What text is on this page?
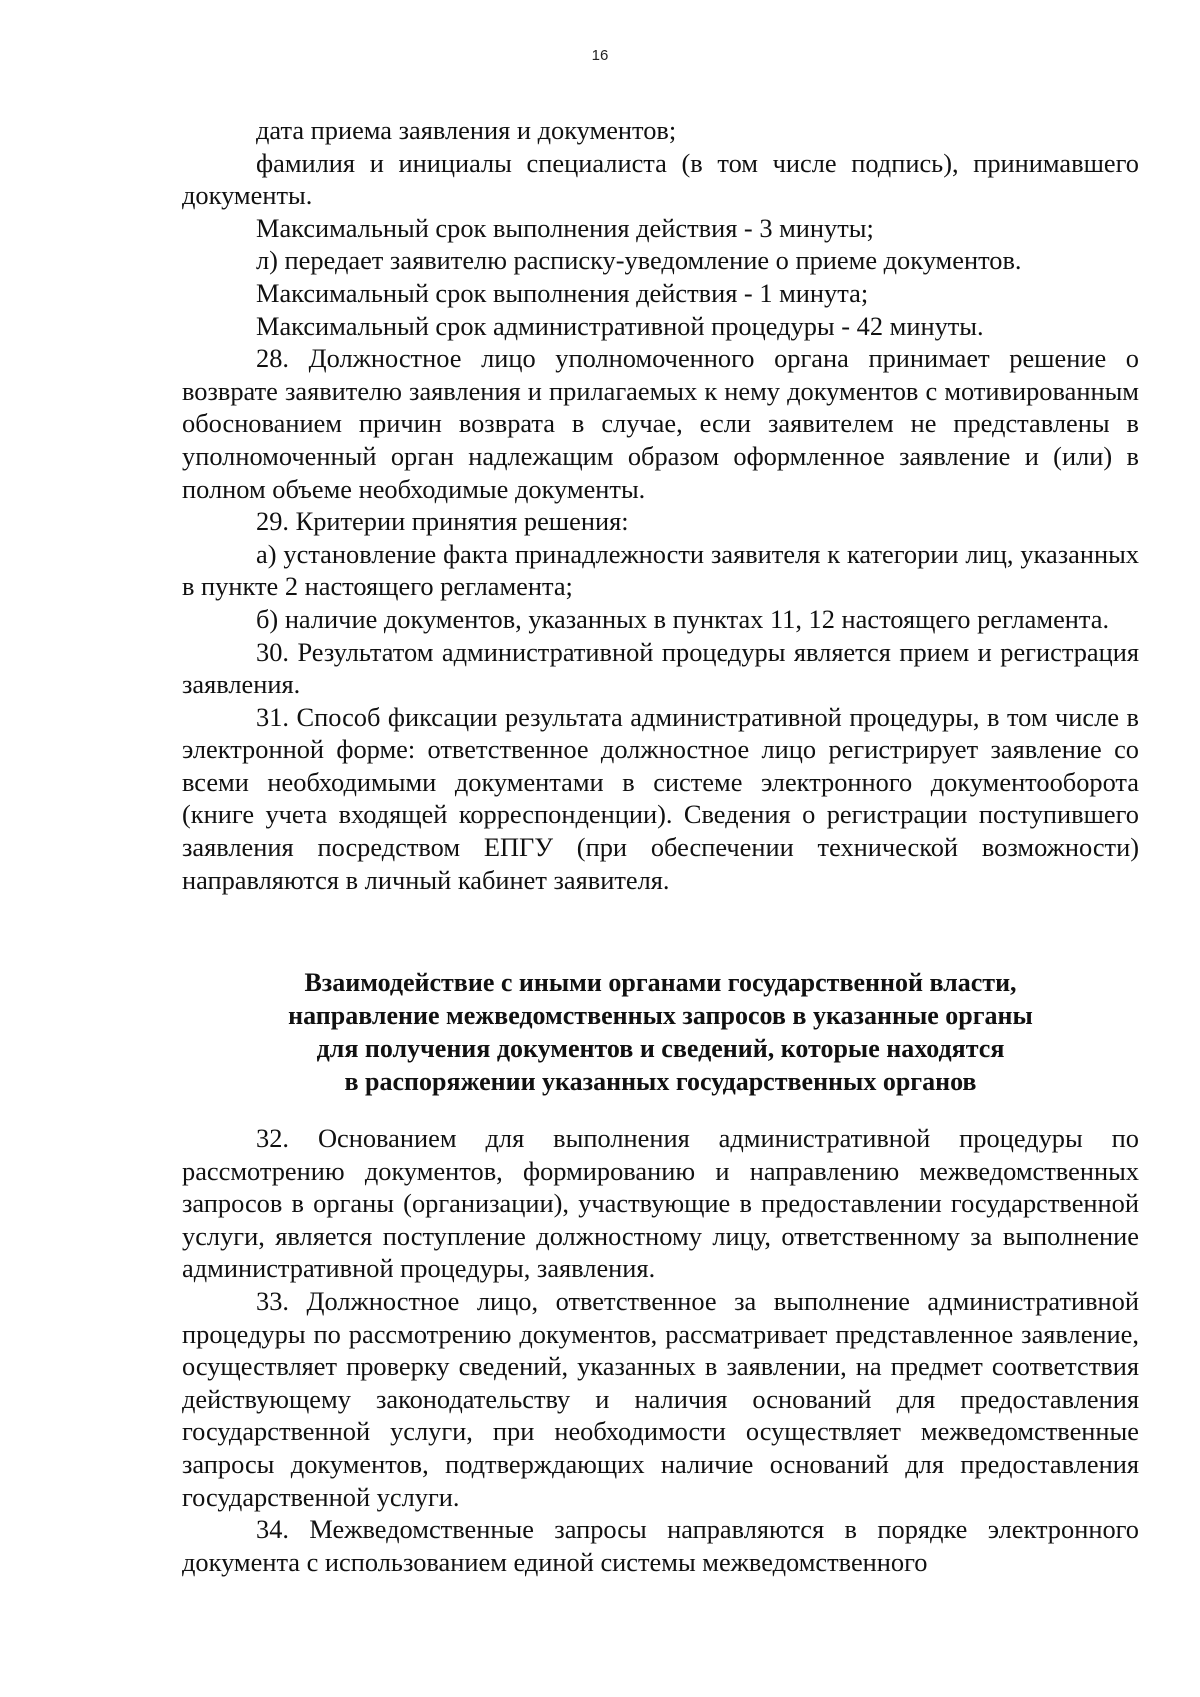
16

дата приема заявления и документов;

фамилия и инициалы специалиста (в том числе подпись), принимавшего документы.

Максимальный срок выполнения действия - 3 минуты;

л) передает заявителю расписку-уведомление о приеме документов.

Максимальный срок выполнения действия - 1 минута;

Максимальный срок административной процедуры - 42 минуты.

28. Должностное лицо уполномоченного органа принимает решение о возврате заявителю заявления и прилагаемых к нему документов с мотивированным обоснованием причин возврата в случае, если заявителем не представлены в уполномоченный орган надлежащим образом оформленное заявление и (или) в полном объеме необходимые документы.

29. Критерии принятия решения:

а) установление факта принадлежности заявителя к категории лиц, указанных в пункте 2 настоящего регламента;

б) наличие документов, указанных в пунктах 11, 12 настоящего регламента.

30. Результатом административной процедуры является прием и регистрация заявления.

31. Способ фиксации результата административной процедуры, в том числе в электронной форме: ответственное должностное лицо регистрирует заявление со всеми необходимыми документами в системе электронного документооборота (книге учета входящей корреспонденции). Сведения о регистрации поступившего заявления посредством ЕПГУ (при обеспечении технической возможности) направляются в личный кабинет заявителя.

Взаимодействие с иными органами государственной власти,
направление межведомственных запросов в указанные органы
для получения документов и сведений, которые находятся
в распоряжении указанных государственных органов

32. Основанием для выполнения административной процедуры по рассмотрению документов, формированию и направлению межведомственных запросов в органы (организации), участвующие в предоставлении государственной услуги, является поступление должностному лицу, ответственному за выполнение административной процедуры, заявления.

33. Должностное лицо, ответственное за выполнение административной процедуры по рассмотрению документов, рассматривает представленное заявление, осуществляет проверку сведений, указанных в заявлении, на предмет соответствия действующему законодательству и наличия оснований для предоставления государственной услуги, при необходимости осуществляет межведомственные запросы документов, подтверждающих наличие оснований для предоставления государственной услуги.

34. Межведомственные запросы направляются в порядке электронного документа с использованием единой системы межведомственного
